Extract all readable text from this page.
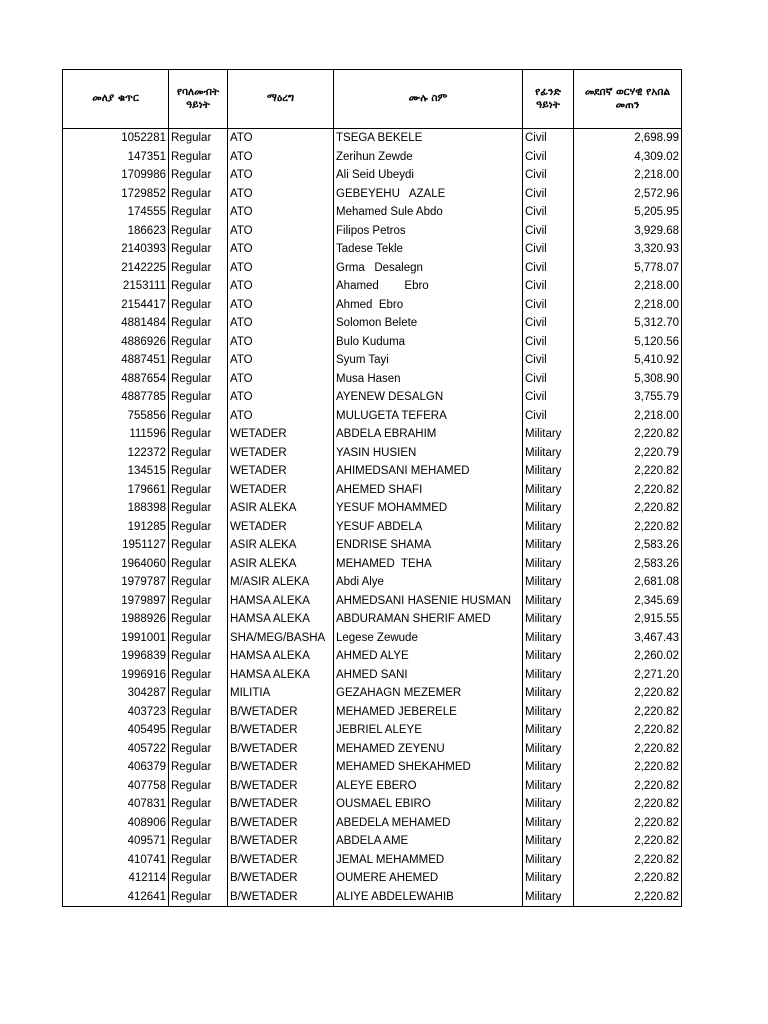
መለያ ቁጥር	የባለመብት ዓይነት	ማዕረግ	ሙሉ ስም	የፊንድ ዓይነት	መደበኛ ወርሃዊ የአበል መጠን
1052281	Regular	ATO	TSEGA BEKELE	Civil	2,698.99
147351	Regular	ATO	Zerihun Zewde	Civil	4,309.02
1709986	Regular	ATO	Ali Seid Ubeydi	Civil	2,218.00
1729852	Regular	ATO	GEBEYEHU   AZALE	Civil	2,572.96
174555	Regular	ATO	Mehamed Sule Abdo	Civil	5,205.95
186623	Regular	ATO	Filipos Petros	Civil	3,929.68
2140393	Regular	ATO	Tadese Tekle	Civil	3,320.93
2142225	Regular	ATO	Grma   Desalegn	Civil	5,778.07
2153111	Regular	ATO	Ahamed        Ebro	Civil	2,218.00
2154417	Regular	ATO	Ahmed  Ebro	Civil	2,218.00
4881484	Regular	ATO	Solomon Belete	Civil	5,312.70
4886926	Regular	ATO	Bulo Kuduma	Civil	5,120.56
4887451	Regular	ATO	Syum Tayi	Civil	5,410.92
4887654	Regular	ATO	Musa Hasen	Civil	5,308.90
4887785	Regular	ATO	AYENEW DESALGN	Civil	3,755.79
755856	Regular	ATO	MULUGETA TEFERA	Civil	2,218.00
111596	Regular	WETADER	ABDELA EBRAHIM	Military	2,220.82
122372	Regular	WETADER	YASIN HUSIEN	Military	2,220.79
134515	Regular	WETADER	AHIMEDSANI MEHAMED	Military	2,220.82
179661	Regular	WETADER	AHEMED SHAFI	Military	2,220.82
188398	Regular	ASIR ALEKA	YESUF MOHAMMED	Military	2,220.82
191285	Regular	WETADER	YESUF ABDELA	Military	2,220.82
1951127	Regular	ASIR ALEKA	ENDRISE SHAMA	Military	2,583.26
1964060	Regular	ASIR ALEKA	MEHAMED  TEHA	Military	2,583.26
1979787	Regular	M/ASIR ALEKA	Abdi Alye	Military	2,681.08
1979897	Regular	HAMSA ALEKA	AHMEDSANI HASENIE HUSMAN	Military	2,345.69
1988926	Regular	HAMSA ALEKA	ABDURAMAN SHERIF AMED	Military	2,915.55
1991001	Regular	SHA/MEG/BASHA	Legese Zewude	Military	3,467.43
1996839	Regular	HAMSA ALEKA	AHMED ALYE	Military	2,260.02
1996916	Regular	HAMSA ALEKA	AHMED SANI	Military	2,271.20
304287	Regular	MILITIA	GEZAHAGN MEZEMER	Military	2,220.82
403723	Regular	B/WETADER	MEHAMED JEBERELE	Military	2,220.82
405495	Regular	B/WETADER	JEBRIEL ALEYE	Military	2,220.82
405722	Regular	B/WETADER	MEHAMED ZEYENU	Military	2,220.82
406379	Regular	B/WETADER	MEHAMED SHEKAHMED	Military	2,220.82
407758	Regular	B/WETADER	ALEYE EBERO	Military	2,220.82
407831	Regular	B/WETADER	OUSMAEL EBIRO	Military	2,220.82
408906	Regular	B/WETADER	ABEDELA MEHAMED	Military	2,220.82
409571	Regular	B/WETADER	ABDELA AME	Military	2,220.82
410741	Regular	B/WETADER	JEMAL MEHAMMED	Military	2,220.82
412114	Regular	B/WETADER	OUMERE AHEMED	Military	2,220.82
412641	Regular	B/WETADER	ALIYE ABDELEWAHIB	Military	2,220.82
